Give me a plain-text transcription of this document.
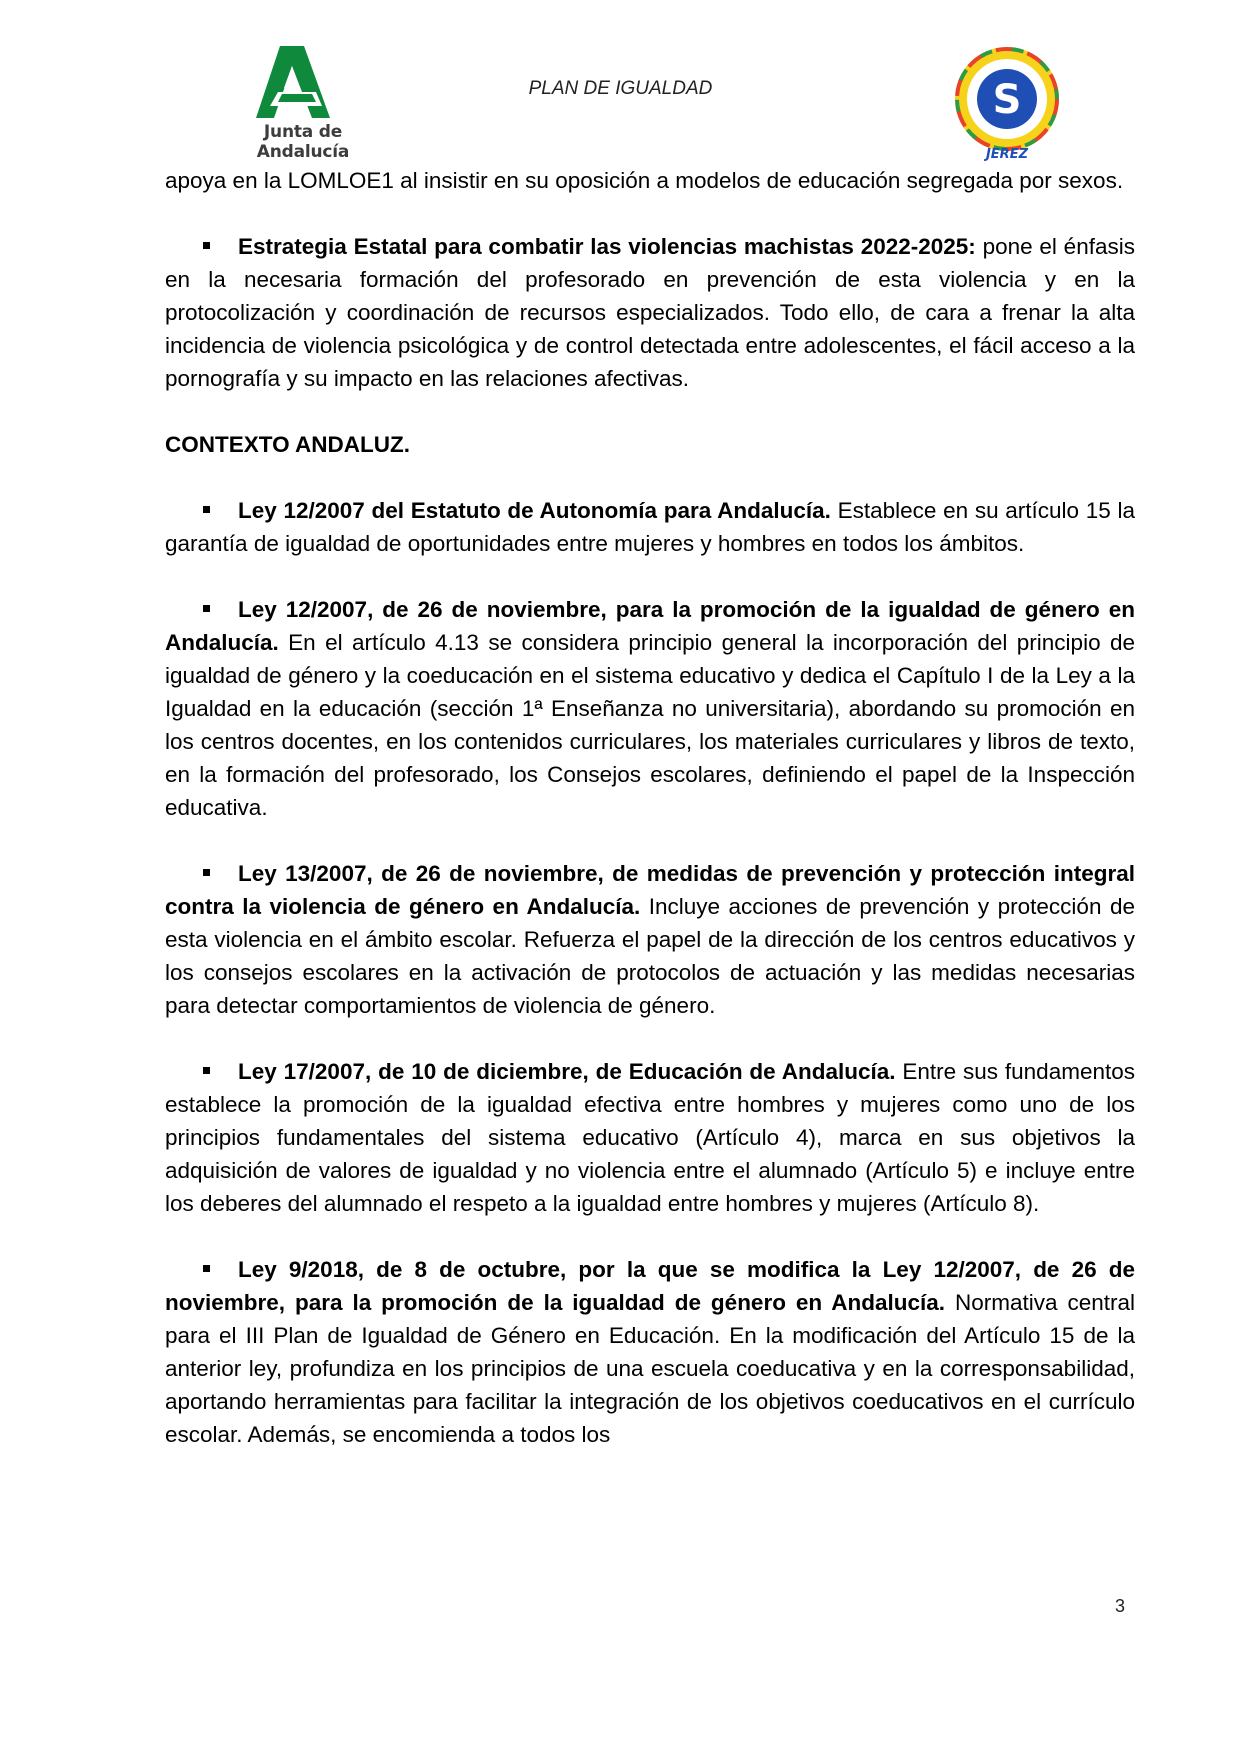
Junta de Andalucía
PLAN DE IGUALDAD	S
JEREZ

apoya en la LOMLOE1 al insistir en su oposición a modelos de educación segregada por sexos.

Estrategia Estatal para combatir las violencias machistas 2022-2025: pone el énfasis en la necesaria formación del profesorado en prevención de esta violencia y en la protocolización y coordinación de recursos especializados. Todo ello, de cara a frenar la alta incidencia de violencia psicológica y de control detectada entre adolescentes, el fácil acceso a la pornografía y su impacto en las relaciones afectivas.

CONTEXTO ANDALUZ.

Ley 12/2007 del Estatuto de Autonomía para Andalucía. Establece en su artículo 15 la garantía de igualdad de oportunidades entre mujeres y hombres en todos los ámbitos.

Ley 12/2007, de 26 de noviembre, para la promoción de la igualdad de género en Andalucía. En el artículo 4.13 se considera principio general la incorporación del principio de igualdad de género y la coeducación en el sistema educativo y dedica el Capítulo I de la Ley a la Igualdad en la educación (sección 1ª Enseñanza no universitaria), abordando su promoción en los centros docentes, en los contenidos curriculares, los materiales curriculares y libros de texto, en la formación del profesorado, los Consejos escolares, definiendo el papel de la Inspección educativa.

Ley 13/2007, de 26 de noviembre, de medidas de prevención y protección integral contra la violencia de género en Andalucía. Incluye acciones de prevención y protección de esta violencia en el ámbito escolar. Refuerza el papel de la dirección de los centros educativos y los consejos escolares en la activación de protocolos de actuación y las medidas necesarias para detectar comportamientos de violencia de género.

Ley 17/2007, de 10 de diciembre, de Educación de Andalucía. Entre sus fundamentos establece la promoción de la igualdad efectiva entre hombres y mujeres como uno de los principios fundamentales del sistema educativo (Artículo 4), marca en sus objetivos la adquisición de valores de igualdad y no violencia entre el alumnado (Artículo 5) e incluye entre los deberes del alumnado el respeto a la igualdad entre hombres y mujeres (Artículo 8).

Ley 9/2018, de 8 de octubre, por la que se modifica la Ley 12/2007, de 26 de noviembre, para la promoción de la igualdad de género en Andalucía. Normativa central para el III Plan de Igualdad de Género en Educación. En la modificación del Artículo 15 de la anterior ley, profundiza en los principios de una escuela coeducativa y en la corresponsabilidad, aportando herramientas para facilitar la integración de los objetivos coeducativos en el currículo escolar. Además, se encomienda a todos los

3
